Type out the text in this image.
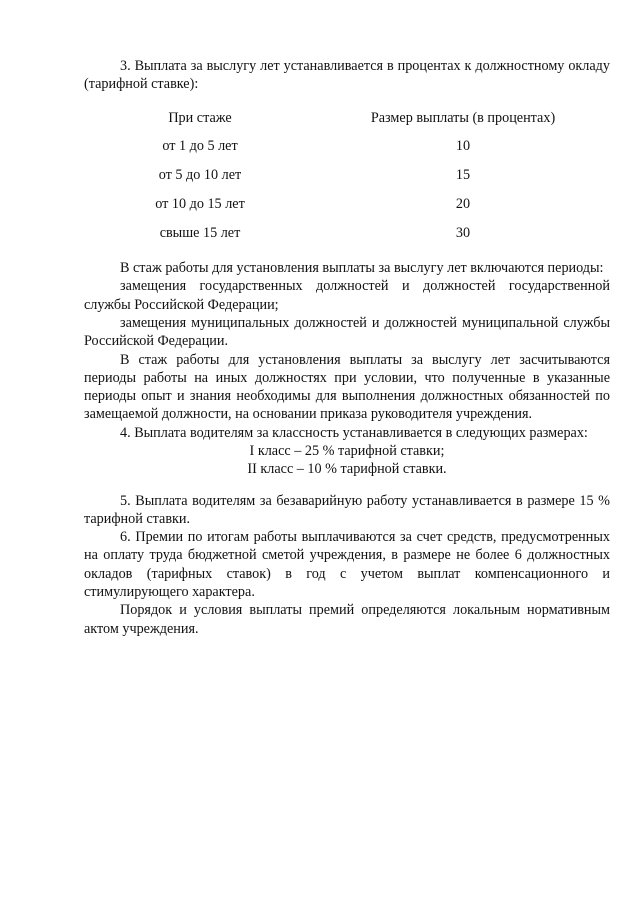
3. Выплата за выслугу лет устанавливается в процентах к должностному окладу (тарифной ставке):

При стаже	Размер выплаты (в процентах)
от 1 до 5 лет	10
от 5 до 10 лет	15
от 10 до 15 лет	20
свыше 15 лет	30

В стаж работы для установления выплаты за выслугу лет включаются периоды:

замещения государственных должностей и должностей государственной службы Российской Федерации;

замещения муниципальных должностей и должностей муниципальной службы Российской Федерации.

В стаж работы для установления выплаты за выслугу лет засчитываются периоды работы на иных должностях при условии, что полученные в указанные периоды опыт и знания необходимы для выполнения должностных обязанностей по замещаемой должности, на основании приказа руководителя учреждения.

4. Выплата водителям за классность устанавливается в следующих размерах:

I класс – 25 % тарифной ставки;

II класс – 10 % тарифной ставки.

5. Выплата водителям за безаварийную работу устанавливается в размере 15 % тарифной ставки.

6. Премии по итогам работы выплачиваются за счет средств, предусмотренных на оплату труда бюджетной сметой учреждения, в размере не более 6 должностных окладов (тарифных ставок) в год с учетом выплат компенсационного и стимулирующего характера.

Порядок и условия выплаты премий определяются локальным нормативным актом учреждения.
